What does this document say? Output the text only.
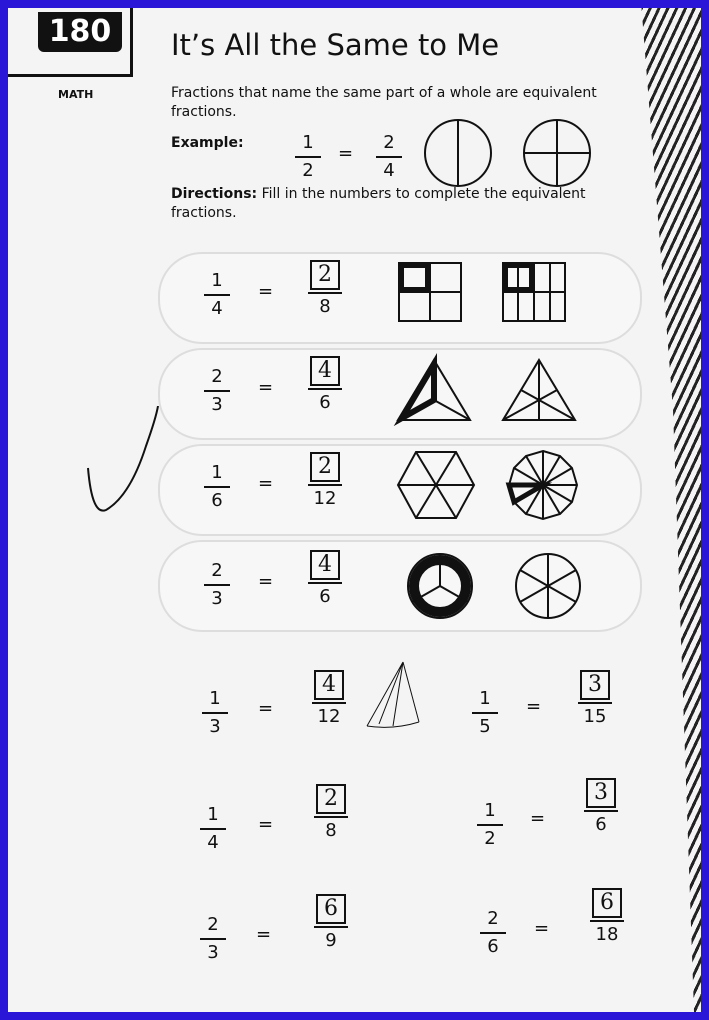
180
MATH
It’s All the Same to Me
Fractions that name the same part of a whole are equivalent fractions.
Example:	1
2
=
2
4
Directions: Fill in the numbers to complete the equivalent fractions.
1
4
=
2
8
2
3
=
4
6
1
6
=
2
12
2
3
=
4
6
1
3
=
4
12
1
5
=
3
15
1
4
=
2
8
1
2
=
3
6
2
3
=
6
9
2
6
=
6
18
